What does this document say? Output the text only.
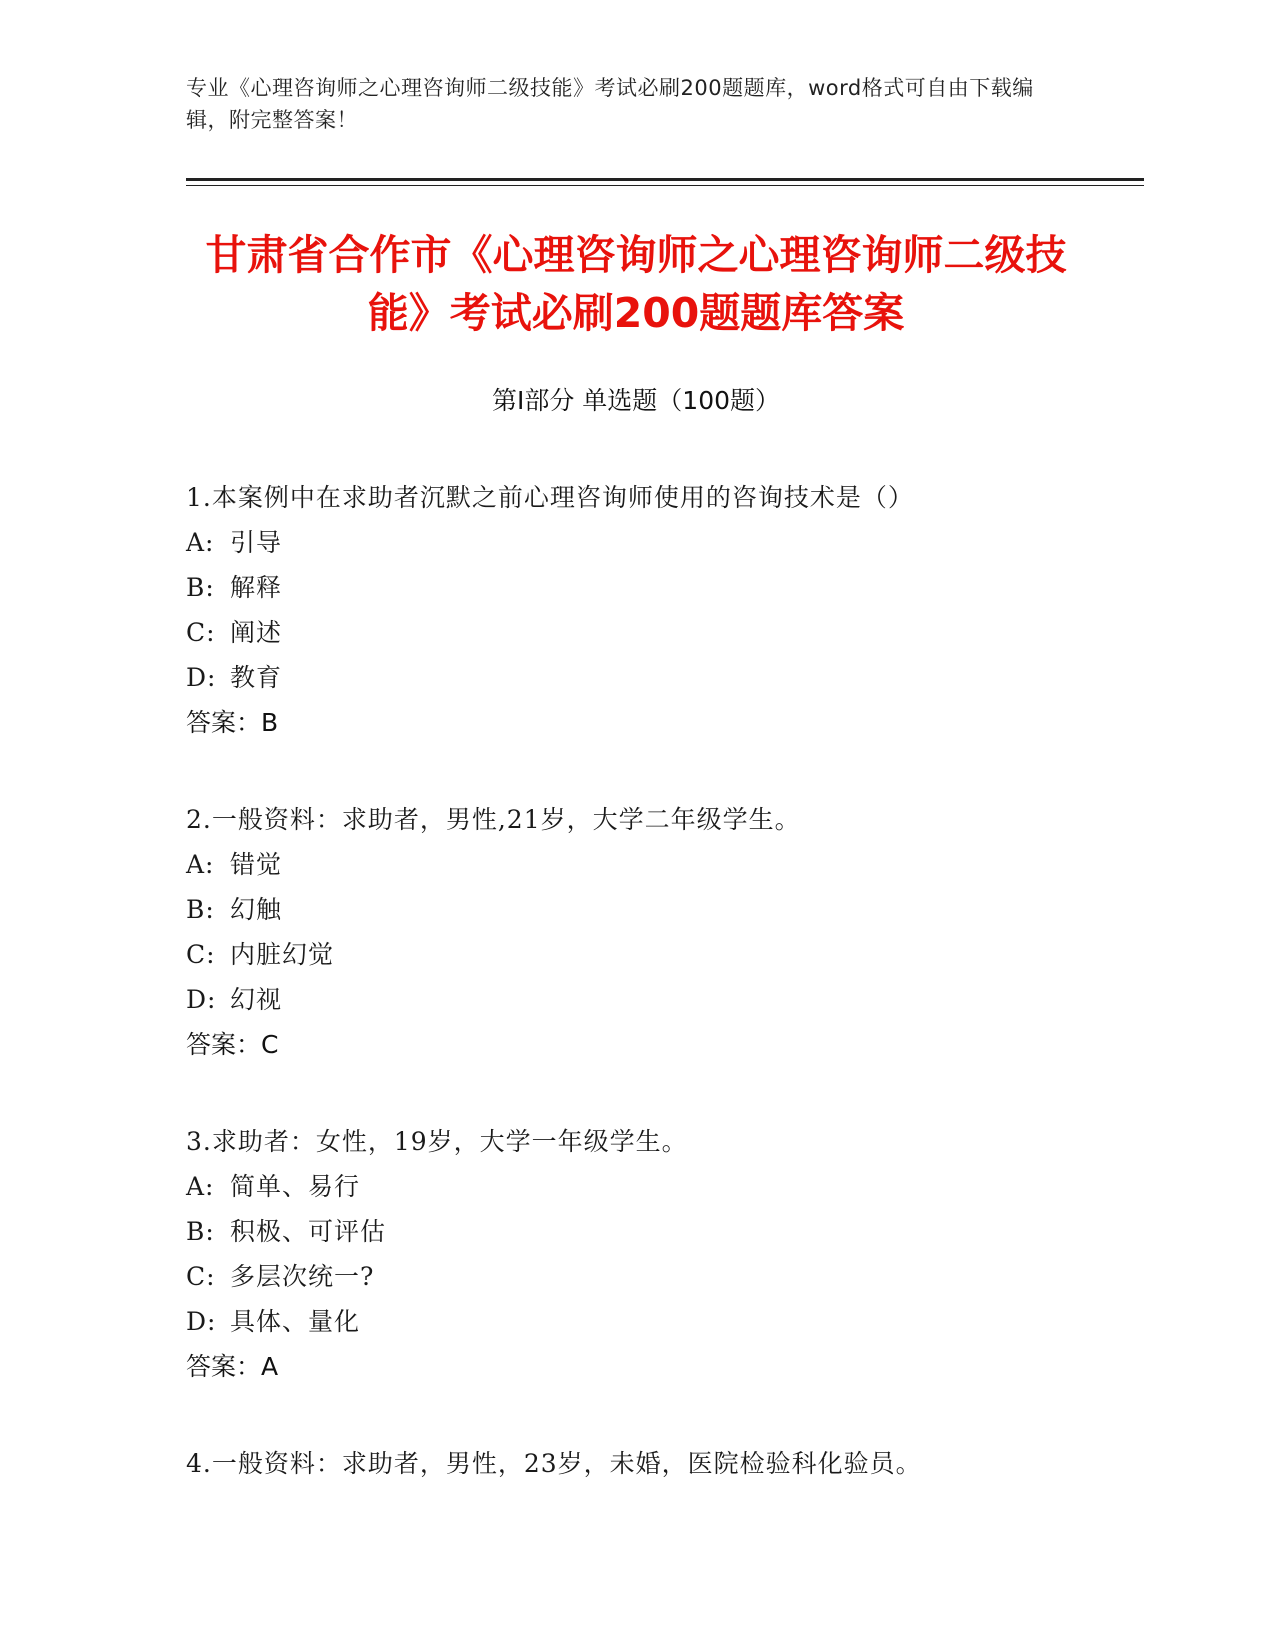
专业《心理咨询师之心理咨询师二级技能》考试必刷200题题库，word格式可自由下载编辑，附完整答案！
甘肃省合作市《心理咨询师之心理咨询师二级技能》考试必刷200题题库答案
第I部分 单选题（100题）
1.本案例中在求助者沉默之前心理咨询师使用的咨询技术是（）
A: 引导
B: 解释
C: 阐述
D: 教育
答案：B
2.一般资料：求助者，男性,21岁，大学二年级学生。
A: 错觉
B: 幻触
C: 内脏幻觉
D: 幻视
答案：C
3.求助者：女性，19岁，大学一年级学生。
A: 简单、易行
B: 积极、可评估
C: 多层次统一?
D: 具体、量化
答案：A
4.一般资料：求助者，男性，23岁，未婚，医院检验科化验员。
